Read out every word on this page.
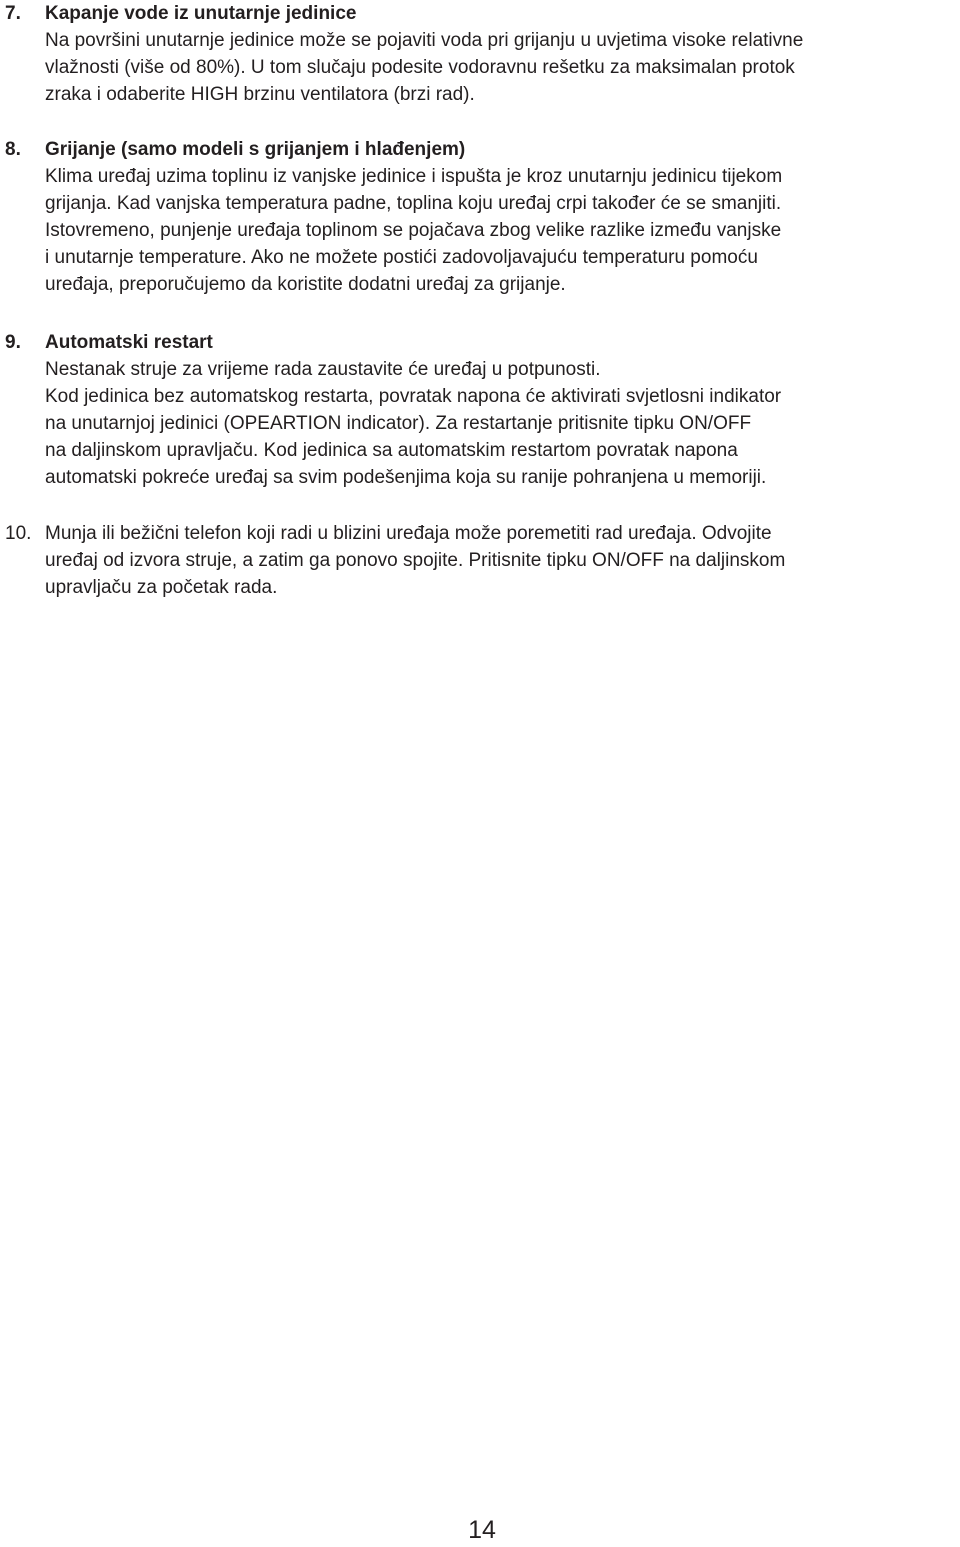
7. Kapanje vode iz unutarnje jedinice
Na površini unutarnje jedinice može se pojaviti voda pri grijanju u uvjetima visoke relativne
vlažnosti (više od 80%). U tom slučaju podesite vodoravnu rešetku za maksimalan protok
zraka i odaberite HIGH brzinu ventilatora (brzi rad).
8. Grijanje (samo modeli s grijanjem i hlađenjem)
Klima uređaj uzima toplinu iz vanjske jedinice i ispušta je kroz unutarnju jedinicu tijekom
grijanja. Kad vanjska temperatura padne, toplina koju uređaj crpi također će se smanjiti.
Istovremeno, punjenje uređaja toplinom se pojačava zbog velike razlike između vanjske
i unutarnje temperature. Ako ne možete postići zadovoljavajuću temperaturu pomoću
uređaja, preporučujemo da koristite dodatni uređaj za grijanje.
9. Automatski restart
Nestanak struje za vrijeme rada zaustavite će uređaj u potpunosti.
Kod jedinica bez automatskog restarta, povratak napona će aktivirati svjetlosni indikator
na unutarnjoj jedinici (OPEARTION indicator). Za restartanje pritisnite tipku ON/OFF
na daljinskom upravljaču. Kod jedinica sa automatskim restartom povratak napona
automatski pokreće uređaj sa svim podešenjima koja su ranije pohranjena u memoriji.
10. Munja ili bežični telefon koji radi u blizini uređaja može poremetiti rad uređaja. Odvojite
uređaj od izvora struje, a zatim ga ponovo spojite. Pritisnite tipku ON/OFF na daljinskom
upravljaču za početak rada.
14
